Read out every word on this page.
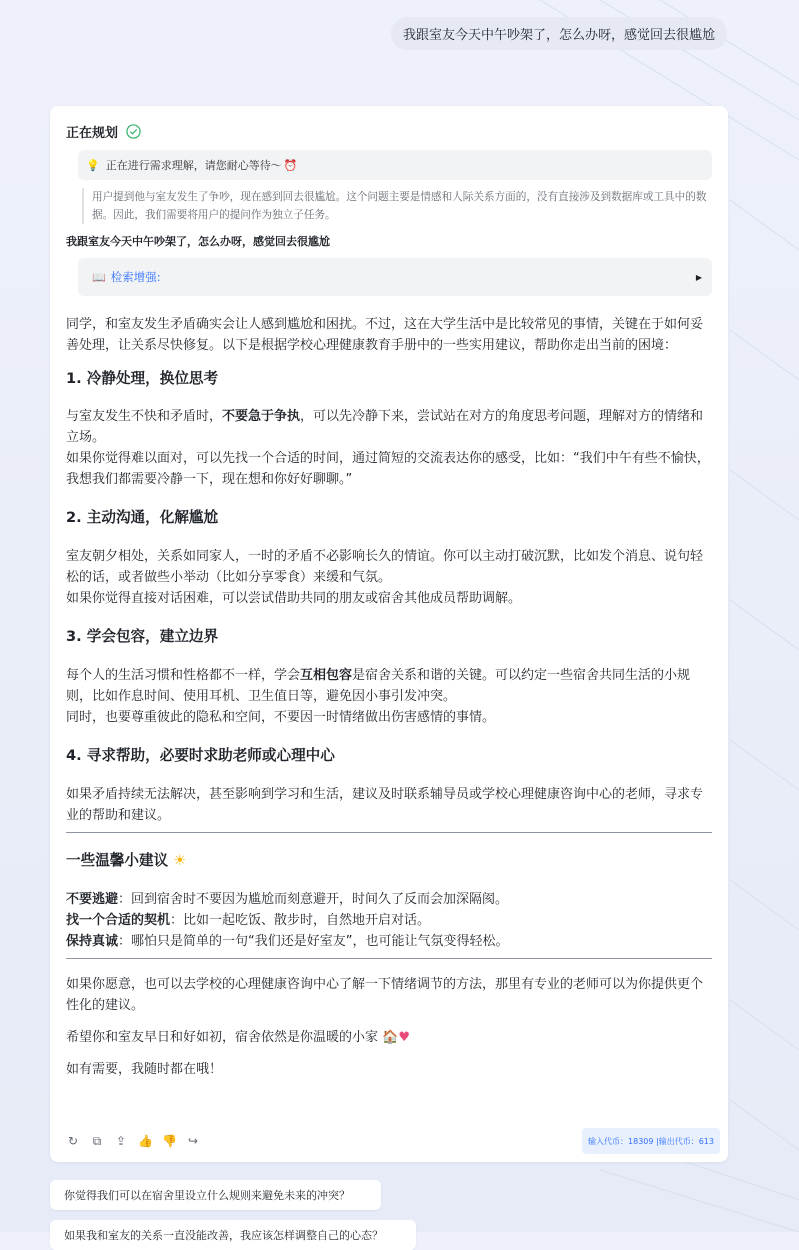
我跟室友今天中午吵架了，怎么办呀，感觉回去很尴尬
正在规划
💡 正在进行需求理解，请您耐心等待～ ⏰
用户提到他与室友发生了争吵，现在感到回去很尴尬。这个问题主要是情感和人际关系方面的，没有直接涉及到数据库或工具中的数据。因此，我们需要将用户的提问作为独立子任务。
我跟室友今天中午吵架了，怎么办呀，感觉回去很尴尬
📖 检索增强:	▶

同学，和室友发生矛盾确实会让人感到尴尬和困扰。不过，这在大学生活中是比较常见的事情，关键在于如何妥善处理，让关系尽快修复。以下是根据学校心理健康教育手册中的一些实用建议，帮助你走出当前的困境：

1. 冷静处理，换位思考

与室友发生不快和矛盾时，不要急于争执，可以先冷静下来，尝试站在对方的角度思考问题，理解对方的情绪和立场。

如果你觉得难以面对，可以先找一个合适的时间，通过简短的交流表达你的感受，比如：“我们中午有些不愉快，我想我们都需要冷静一下，现在想和你好好聊聊。”

2. 主动沟通，化解尴尬

室友朝夕相处，关系如同家人，一时的矛盾不必影响长久的情谊。你可以主动打破沉默，比如发个消息、说句轻松的话，或者做些小举动（比如分享零食）来缓和气氛。

如果你觉得直接对话困难，可以尝试借助共同的朋友或宿舍其他成员帮助调解。

3. 学会包容，建立边界

每个人的生活习惯和性格都不一样，学会互相包容是宿舍关系和谐的关键。可以约定一些宿舍共同生活的小规则，比如作息时间、使用耳机、卫生值日等，避免因小事引发冲突。

同时，也要尊重彼此的隐私和空间，不要因一时情绪做出伤害感情的事情。

4. 寻求帮助，必要时求助老师或心理中心

如果矛盾持续无法解决，甚至影响到学习和生活，建议及时联系辅导员或学校心理健康咨询中心的老师，寻求专业的帮助和建议。

一些温馨小建议 ☀

不要逃避：回到宿舍时不要因为尴尬而刻意避开，时间久了反而会加深隔阂。

找一个合适的契机：比如一起吃饭、散步时，自然地开启对话。

保持真诚：哪怕只是简单的一句“我们还是好室友”，也可能让气氛变得轻松。

如果你愿意，也可以去学校的心理健康咨询中心了解一下情绪调节的方法，那里有专业的老师可以为你提供更个性化的建议。

希望你和室友早日和好如初，宿舍依然是你温暖的小家 🏠♥

如有需要，我随时都在哦！

↻ ⧉ ⇪ 👍 👎 ↪	输入代币：18309 |输出代币：613
你觉得我们可以在宿舍里设立什么规则来避免未来的冲突？
如果我和室友的关系一直没能改善，我应该怎样调整自己的心态？
